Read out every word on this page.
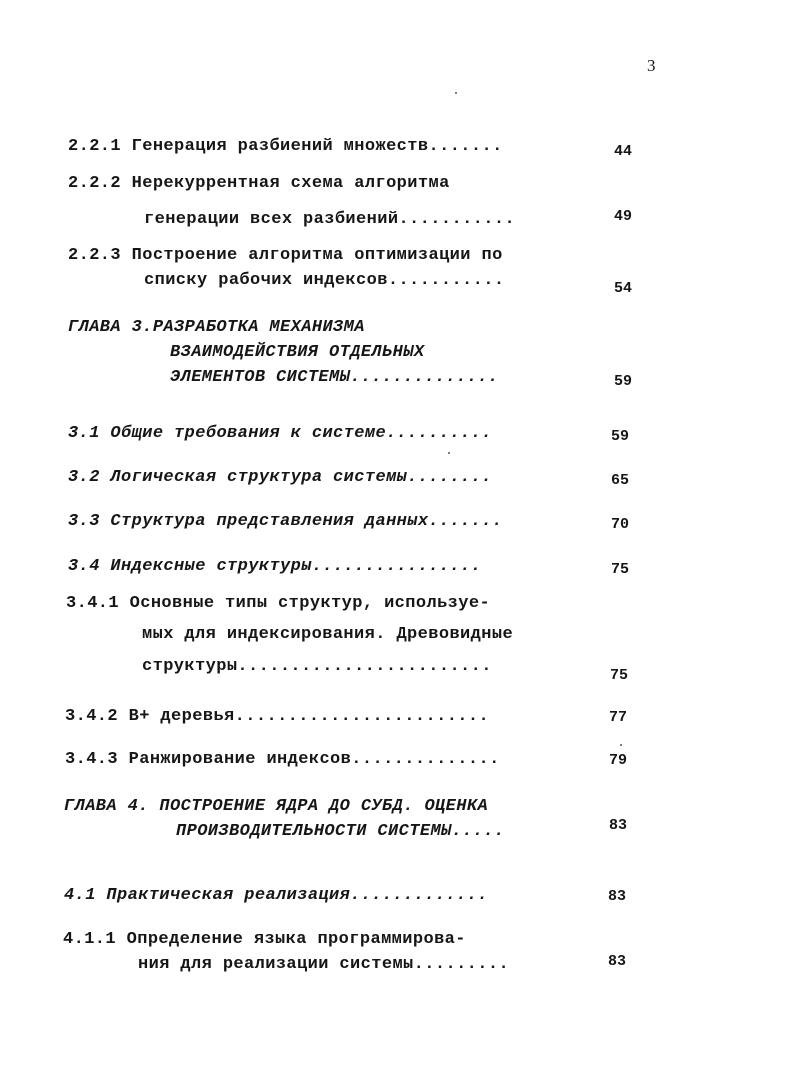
3
2.2.1 Генерация разбиений множеств.......	44
2.2.2 Нерекуррентная схема алгоритма
генерации всех разбиений...........	49
2.2.3 Построение алгоритма оптимизации по
списку рабочих индексов...........	54
ГЛАВА 3.РАЗРАБОТКА МЕХАНИЗМА
ВЗАИМОДЕЙСТВИЯ ОТДЕЛЬНЫХ
ЭЛЕМЕНТОВ СИСТЕМЫ..............	59
3.1 Общие требования к системе..........	59
3.2 Логическая структура системы........	65
3.3 Структура представления данных.......	70
3.4 Индексные структуры................	75
3.4.1 Основные типы структур, используе-
мых для индексирования. Древовидные
структуры........................	75
3.4.2 B+ деревья........................	77
3.4.3 Ранжирование индексов..............	79
ГЛАВА 4. ПОСТРОЕНИЕ ЯДРА ДО СУБД. ОЦЕНКА
ПРОИЗВОДИТЕЛЬНОСТИ СИСТЕМЫ.....	83
4.1 Практическая реализация.............	83
4.1.1 Определение языка программирова-
ния для реализации системы.........	83
